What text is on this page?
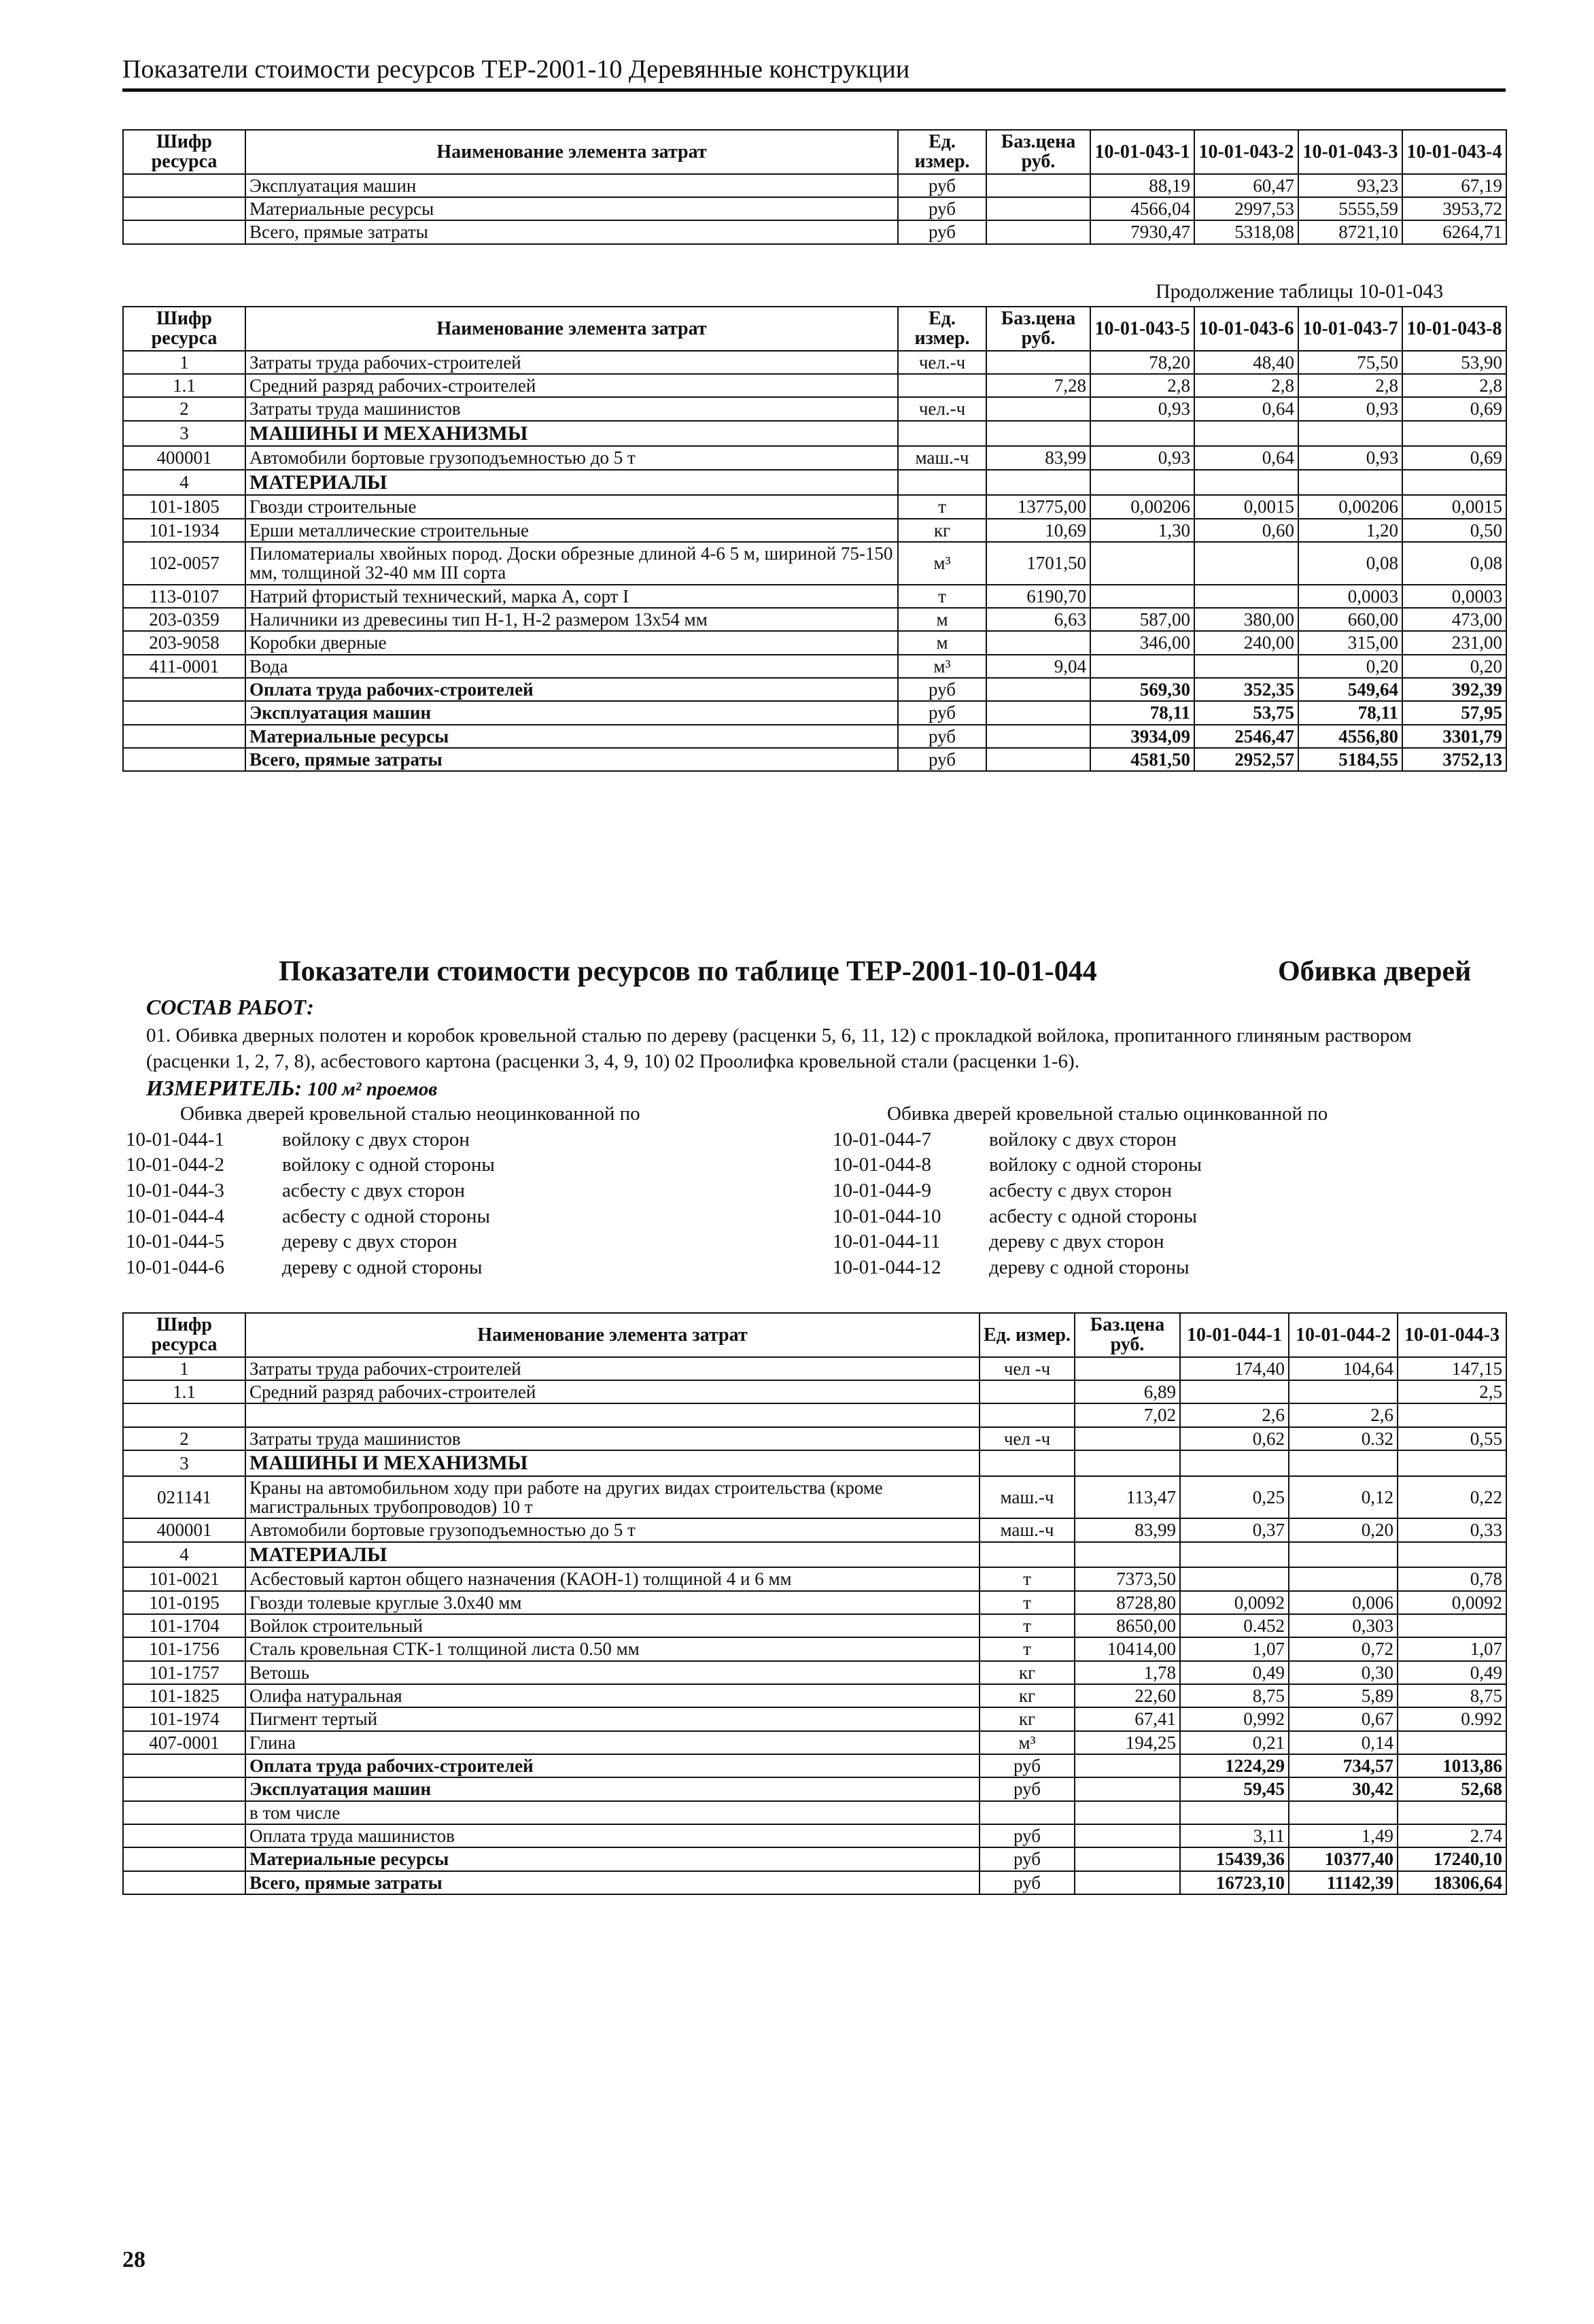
Показатели стоимости ресурсов ТЕР-2001-10 Деревянные конструкции
Шифр ресурса	Наименование элемента затрат	Ед. измер.	Баз.цена руб.	10-01-043-1	10-01-043-2	10-01-043-3	10-01-043-4
	Эксплуатация машин	руб		88,19	60,47	93,23	67,19
	Материальные ресурсы	руб		4566,04	2997,53	5555,59	3953,72
	Всего, прямые затраты	руб		7930,47	5318,08	8721,10	6264,71
Продолжение таблицы 10-01-043
Шифр ресурса	Наименование элемента затрат	Ед. измер.	Баз.цена руб.	10-01-043-5	10-01-043-6	10-01-043-7	10-01-043-8
1	Затраты труда рабочих-строителей	чел.-ч		78,20	48,40	75,50	53,90
1.1	Средний разряд рабочих-строителей		7,28	2,8	2,8	2,8	2,8
2	Затраты труда машинистов	чел.-ч		0,93	0,64	0,93	0,69
3	МАШИНЫ И МЕХАНИЗМЫ						
400001	Автомобили бортовые грузоподъемностью до 5 т	маш.-ч	83,99	0,93	0,64	0,93	0,69
4	МАТЕРИАЛЫ						
101-1805	Гвозди строительные	т	13775,00	0,00206	0,0015	0,00206	0,0015
101-1934	Ерши металлические строительные	кг	10,69	1,30	0,60	1,20	0,50
102-0057	Пиломатериалы хвойных пород. Доски обрезные длиной 4-6 5 м, шириной 75-150 мм, толщиной 32-40 мм III сорта	м³	1701,50			0,08	0,08
113-0107	Натрий фтористый технический, марка А, сорт I	т	6190,70			0,0003	0,0003
203-0359	Наличники из древесины тип Н-1, Н-2 размером 13х54 мм	м	6,63	587,00	380,00	660,00	473,00
203-9058	Коробки дверные	м		346,00	240,00	315,00	231,00
411-0001	Вода	м³	9,04			0,20	0,20
	Оплата труда рабочих-строителей	руб		569,30	352,35	549,64	392,39
	Эксплуатация машин	руб		78,11	53,75	78,11	57,95
	Материальные ресурсы	руб		3934,09	2546,47	4556,80	3301,79
	Всего, прямые затраты	руб		4581,50	2952,57	5184,55	3752,13
Показатели стоимости ресурсов по таблице ТЕР-2001-10-01-044	Обивка дверей
СОСТАВ РАБОТ:
01. Обивка дверных полотен и коробок кровельной сталью по дереву (расценки 5, 6, 11, 12) с прокладкой войлока, пропитанного глиняным раствором (расценки 1, 2, 7, 8), асбестового картона (расценки 3, 4, 9, 10) 02 Проолифка кровельной стали (расценки 1-6).
ИЗМЕРИТЕЛЬ: 100 м² проемов
Обивка дверей кровельной сталью неоцинкованной по
10-01-044-1	войлоку с двух сторон
10-01-044-2	войлоку с одной стороны
10-01-044-3	асбесту с двух сторон
10-01-044-4	асбесту с одной стороны
10-01-044-5	дереву с двух сторон
10-01-044-6	дереву с одной стороны
Обивка дверей кровельной сталью оцинкованной по
10-01-044-7	войлоку с двух сторон
10-01-044-8	войлоку с одной стороны
10-01-044-9	асбесту с двух сторон
10-01-044-10	асбесту с одной стороны
10-01-044-11	дереву с двух сторон
10-01-044-12	дереву с одной стороны
Шифр ресурса	Наименование элемента затрат	Ед. измер.	Баз.цена руб.	10-01-044-1	10-01-044-2	10-01-044-3
1	Затраты труда рабочих-строителей	чел -ч		174,40	104,64	147,15
1.1	Средний разряд рабочих-строителей		6,89			2,5
			7,02	2,6	2,6	
2	Затраты труда машинистов	чел -ч		0,62	0.32	0,55
3	МАШИНЫ И МЕХАНИЗМЫ					
021141	Краны на автомобильном ходу при работе на других видах строительства (кроме магистральных трубопроводов) 10 т	маш.-ч	113,47	0,25	0,12	0,22
400001	Автомобили бортовые грузоподъемностью до 5 т	маш.-ч	83,99	0,37	0,20	0,33
4	МАТЕРИАЛЫ					
101-0021	Асбестовый картон общего назначения (КАОН-1) толщиной 4 и 6 мм	т	7373,50			0,78
101-0195	Гвозди толевые круглые 3.0х40 мм	т	8728,80	0,0092	0,006	0,0092
101-1704	Войлок строительный	т	8650,00	0.452	0,303	
101-1756	Сталь кровельная СТК-1 толщиной листа 0.50 мм	т	10414,00	1,07	0,72	1,07
101-1757	Ветошь	кг	1,78	0,49	0,30	0,49
101-1825	Олифа натуральная	кг	22,60	8,75	5,89	8,75
101-1974	Пигмент тертый	кг	67,41	0,992	0,67	0.992
407-0001	Глина	м³	194,25	0,21	0,14	
	Оплата труда рабочих-строителей	руб		1224,29	734,57	1013,86
	Эксплуатация машин	руб		59,45	30,42	52,68
	в том числе					
	Оплата труда машинистов	руб		3,11	1,49	2.74
	Материальные ресурсы	руб		15439,36	10377,40	17240,10
	Всего, прямые затраты	руб		16723,10	11142,39	18306,64
28
